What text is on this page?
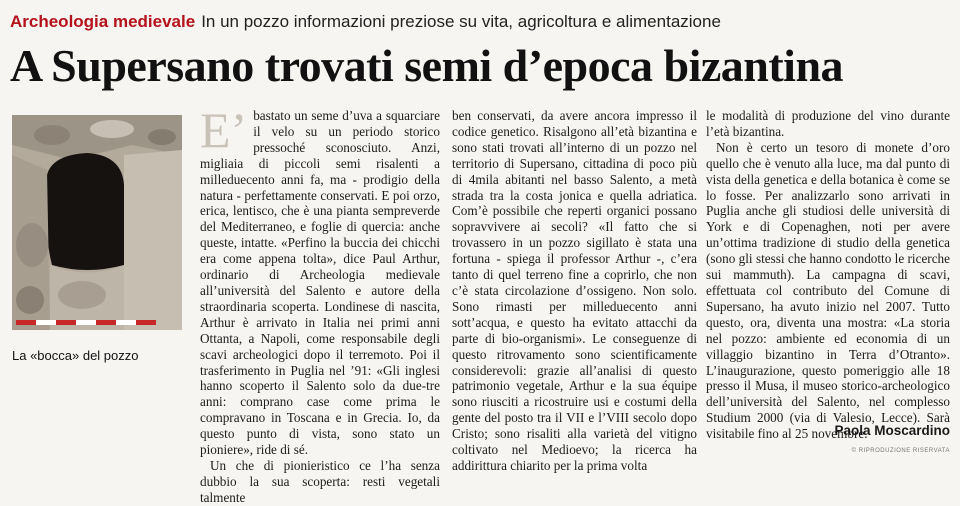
Archeologia medievale In un pozzo informazioni preziose su vita, agricoltura e alimentazione
A Supersano trovati semi d’epoca bizantina
La «bocca» del pozzo

E’ bastato un seme d’uva a squarciare il velo su un periodo storico pressoché sconosciuto. Anzi, migliaia di piccoli semi risalenti a milleduecento anni fa, ma - prodigio della natura - perfettamente conservati. E poi orzo, erica, lentisco, che è una pianta sempreverde del Mediterraneo, e foglie di quercia: anche queste, intatte. «Perfino la buccia dei chicchi era come appena tolta», dice Paul Arthur, ordinario di Archeologia medievale all’università del Salento e autore della straordinaria scoperta. Londinese di nascita, Arthur è arrivato in Italia nei primi anni Ottanta, a Napoli, come responsabile degli scavi archeologici dopo il terremoto. Poi il trasferimento in Puglia nel ’91: «Gli inglesi hanno scoperto il Salento solo da due-tre anni: comprano case come prima le compravano in Toscana e in Grecia. Io, da questo punto di vista, sono stato un pioniere», ride di sé.

Un che di pionieristico ce l’ha senza dubbio la sua scoperta: resti vegetali talmente

ben conservati, da avere ancora impresso il codice genetico. Risalgono all’età bizantina e sono stati trovati all’interno di un pozzo nel territorio di Supersano, cittadina di poco più di 4mila abitanti nel basso Salento, a metà strada tra la costa jonica e quella adriatica. Com’è possibile che reperti organici possano sopravvivere ai secoli? «Il fatto che si trovassero in un pozzo sigillato è stata una fortuna - spiega il professor Arthur -, c’era tanto di quel terreno fine a coprirlo, che non c’è stata circolazione d’ossigeno. Non solo. Sono rimasti per milleduecento anni sott’acqua, e questo ha evitato attacchi da parte di bio-organismi». Le conseguenze di questo ritrovamento sono scientificamente considerevoli: grazie all’analisi di questo patrimonio vegetale, Arthur e la sua équipe sono riusciti a ricostruire usi e costumi della gente del posto tra il VII e l’VIII secolo dopo Cristo; sono risaliti alla varietà del vitigno coltivato nel Medioevo; la ricerca ha addirittura chiarito per la prima volta

le modalità di produzione del vino durante l’età bizantina.

Non è certo un tesoro di monete d’oro quello che è venuto alla luce, ma dal punto di vista della genetica e della botanica è come se lo fosse. Per analizzarlo sono arrivati in Puglia anche gli studiosi delle università di York e di Copenaghen, noti per avere un’ottima tradizione di studio della genetica (sono gli stessi che hanno condotto le ricerche sui mammuth). La campagna di scavi, effettuata col contributo del Comune di Supersano, ha avuto inizio nel 2007. Tutto questo, ora, diventa una mostra: «La storia nel pozzo: ambiente ed economia di un villaggio bizantino in Terra d’Otranto». L’inaugurazione, questo pomeriggio alle 18 presso il Musa, il museo storico-archeologico dell’università del Salento, nel complesso Studium 2000 (via di Valesio, Lecce). Sarà visitabile fino al 25 novembre.

Paola Moscardino
© RIPRODUZIONE RISERVATA
